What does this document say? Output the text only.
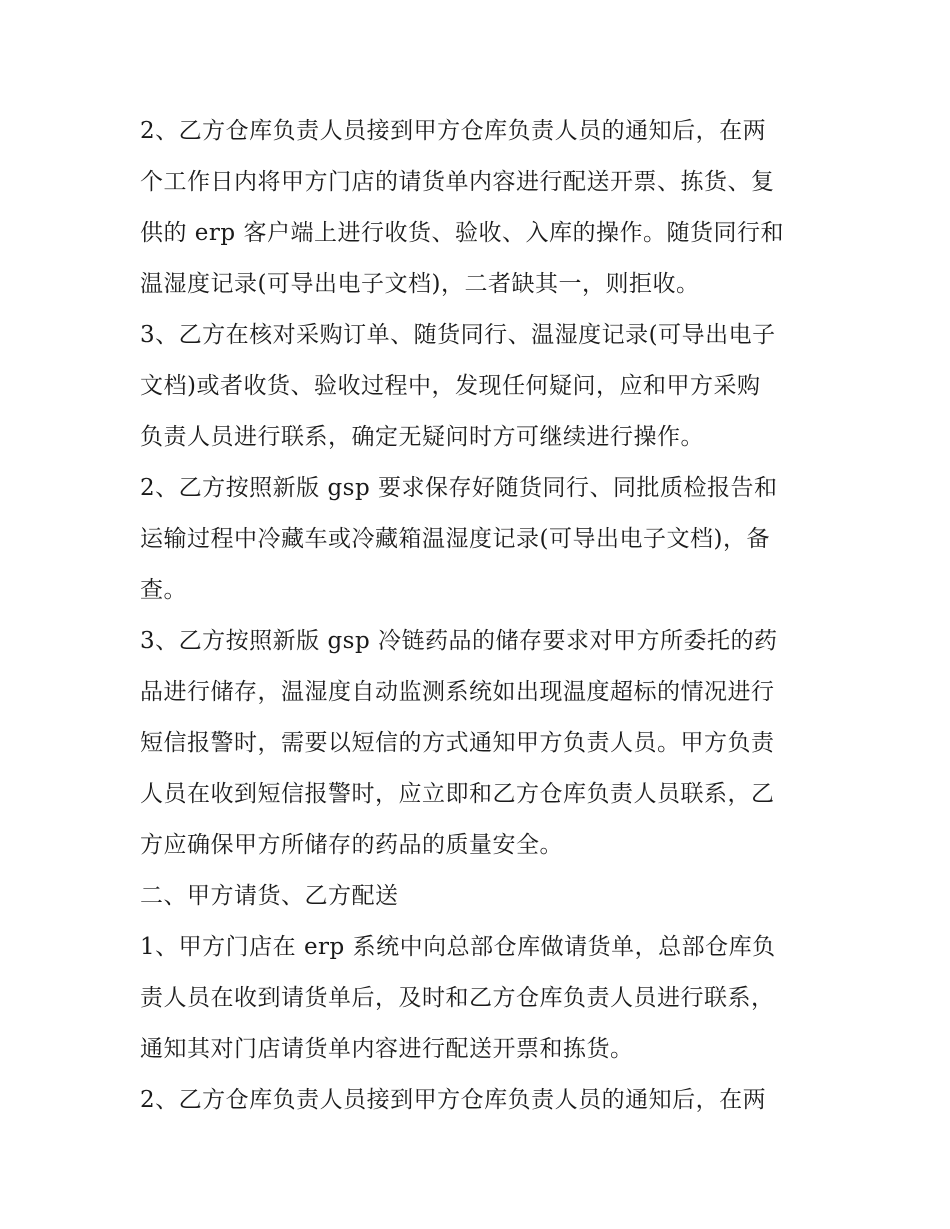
2、乙方仓库负责人员接到甲方仓库负责人员的通知后，在两
个工作日内将甲方门店的请货单内容进行配送开票、拣货、复
供的 erp 客户端上进行收货、验收、入库的操作。随货同行和
温湿度记录(可导出电子文档)，二者缺其一，则拒收。
3、乙方在核对采购订单、随货同行、温湿度记录(可导出电子
文档)或者收货、验收过程中，发现任何疑问，应和甲方采购
负责人员进行联系，确定无疑问时方可继续进行操作。
2、乙方按照新版 gsp 要求保存好随货同行、同批质检报告和
运输过程中冷藏车或冷藏箱温湿度记录(可导出电子文档)，备
查。
3、乙方按照新版 gsp 冷链药品的储存要求对甲方所委托的药
品进行储存，温湿度自动监测系统如出现温度超标的情况进行
短信报警时，需要以短信的方式通知甲方负责人员。甲方负责
人员在收到短信报警时，应立即和乙方仓库负责人员联系，乙
方应确保甲方所储存的药品的质量安全。
二、甲方请货、乙方配送
1、甲方门店在 erp 系统中向总部仓库做请货单，总部仓库负
责人员在收到请货单后，及时和乙方仓库负责人员进行联系，
通知其对门店请货单内容进行配送开票和拣货。
2、乙方仓库负责人员接到甲方仓库负责人员的通知后，在两
